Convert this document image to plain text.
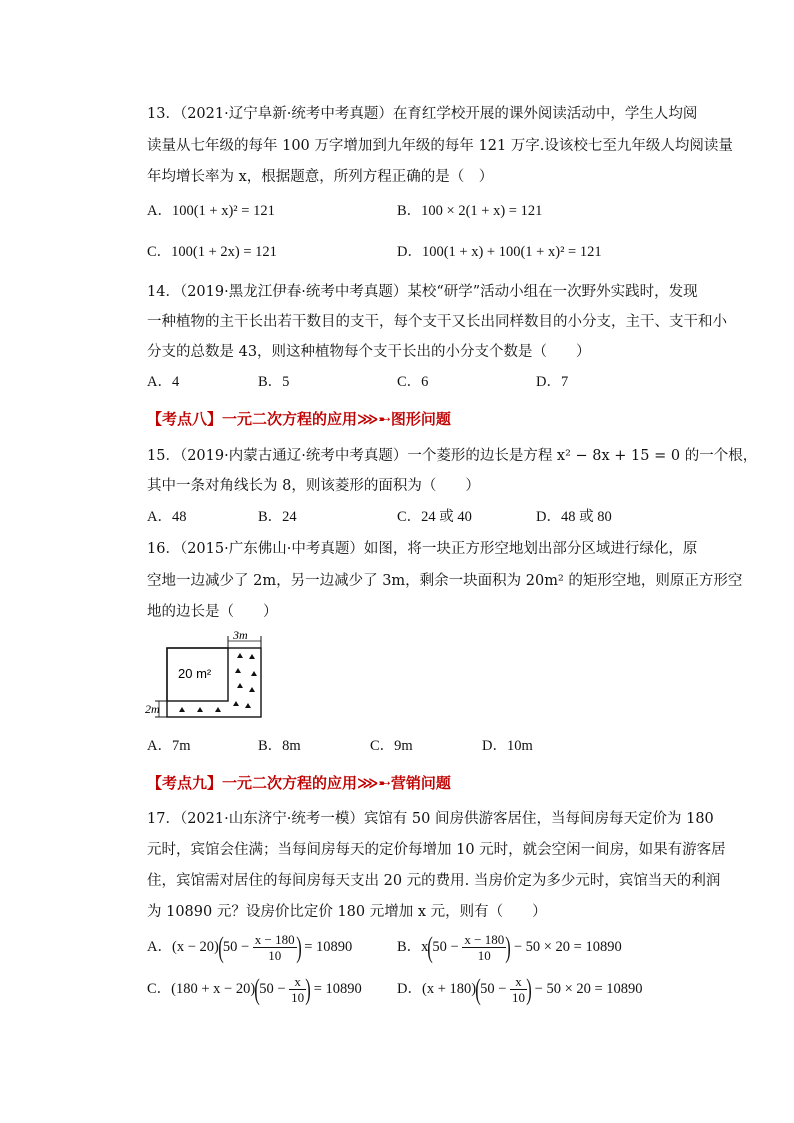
13．（2021·辽宁阜新·统考中考真题）在育红学校开展的课外阅读活动中，学生人均阅
读量从七年级的每年 100 万字增加到九年级的每年 121 万字.设该校七至九年级人均阅读量
年均增长率为 x，根据题意，所列方程正确的是（　）
A．100(1 + x)² = 121	B．100 × 2(1 + x) = 121
C．100(1 + 2x) = 121	D．100(1 + x) + 100(1 + x)² = 121
14．（2019·黑龙江伊春·统考中考真题）某校“研学”活动小组在一次野外实践时，发现
一种植物的主干长出若干数目的支干，每个支干又长出同样数目的小分支，主干、支干和小
分支的总数是 43，则这种植物每个支干长出的小分支个数是（　　）
A．4	B．5	C．6	D．7
【考点八】一元二次方程的应用⋙➸图形问题
15．（2019·内蒙古通辽·统考中考真题）一个菱形的边长是方程 x² − 8x + 15 = 0 的一个根，
其中一条对角线长为 8，则该菱形的面积为（　　）
A．48	B．24	C．24 或 40	D．48 或 80
16．（2015·广东佛山·中考真题）如图，将一块正方形空地划出部分区域进行绿化，原
空地一边减少了 2m，另一边减少了 3m，剩余一块面积为 20m² 的矩形空地，则原正方形空
地的边长是（　　）
3m
2m
20 m²
A．7m	B．8m	C．9m	D．10m
【考点九】一元二次方程的应用⋙➸营销问题
17．（2021·山东济宁·统考一模）宾馆有 50 间房供游客居住，当每间房每天定价为 180
元时，宾馆会住满；当每间房每天的定价每增加 10 元时，就会空闲一间房，如果有游客居
住，宾馆需对居住的每间房每天支出 20 元的费用. 当房价定为多少元时，宾馆当天的利润
为 10890 元？设房价比定价 180 元增加 x 元，则有（　　）
A．$(x - 20)(50 - \frac{x - 180}{10}$ ) = 10890	B．$x(50 - \frac{x - 180}{10}$ ) − 50 × 20 = 10890
C．$(180 + x - 20)(50 - \frac{x}{10}$ ) = 10890 D．$(x + 180)(50 - \frac{x}{10}$ ) − 50 × 20 = 10890
